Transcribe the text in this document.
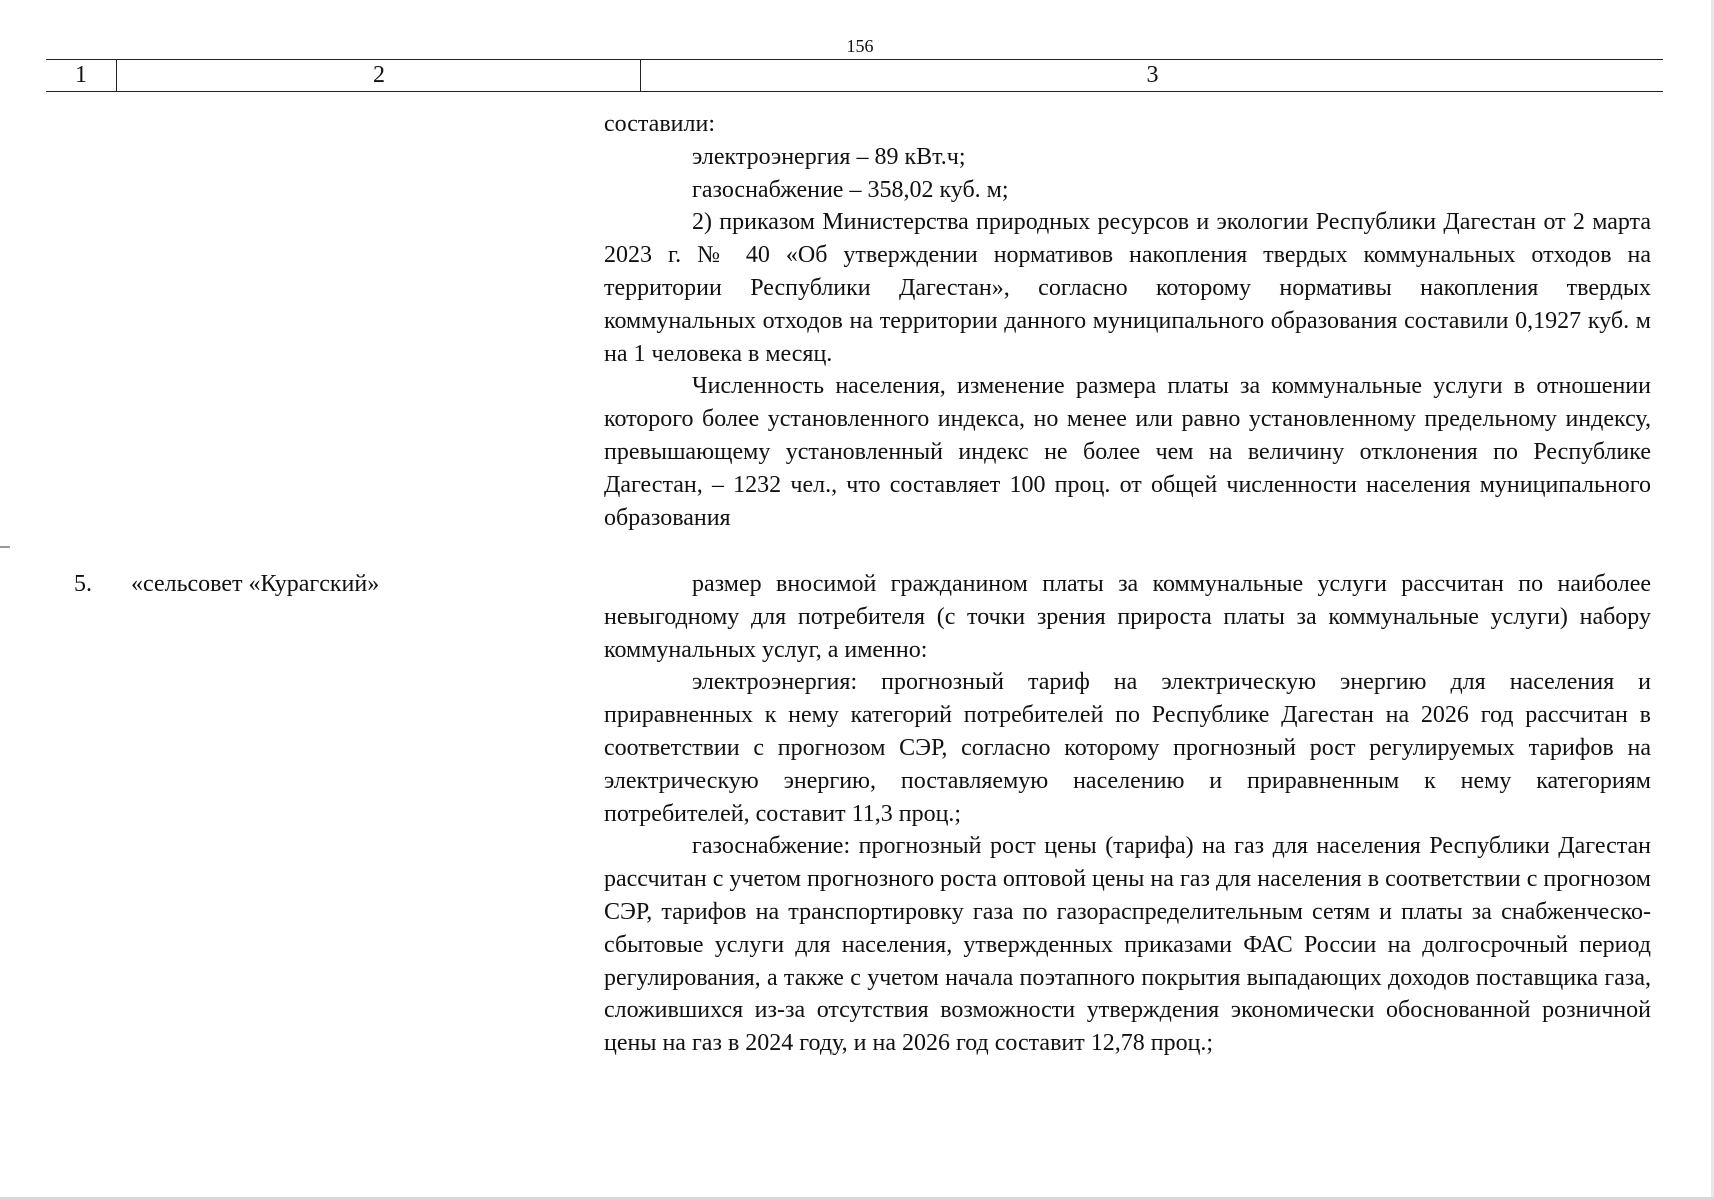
156
1	2	3

составили:

электроэнергия – 89 кВт.ч;

газоснабжение – 358,02 куб. м;

2) приказом Министерства природных ресурсов и экологии Республики Дагестан от 2 марта 2023 г. № 40 «Об утверждении нормативов накопления твердых коммунальных отходов на территории Республики Дагестан», согласно которому нормативы накопления твердых коммунальных отходов на территории данного муниципального образования составили 0,1927 куб. м на 1 человека в месяц.

Численность населения, изменение размера платы за коммунальные услуги в отношении которого более установленного индекса, но менее или равно установленному предельному индексу, превышающему установленный индекс не более чем на величину отклонения по Республике Дагестан, – 1232 чел., что составляет 100 проц. от общей численности населения муниципального образования

5. «сельсовет «Курагский»	размер вносимой гражданином платы за коммунальные услуги рассчитан по наиболее невыгодному для потребителя (с точки зрения прироста платы за коммунальные услуги) набору коммунальных услуг, а именно:

электроэнергия: прогнозный тариф на электрическую энергию для населения и приравненных к нему категорий потребителей по Республике Дагестан на 2026 год рассчитан в соответствии с прогнозом СЭР, согласно которому прогнозный рост регулируемых тарифов на электрическую энергию, поставляемую населению и приравненным к нему категориям потребителей, составит 11,3 проц.;

газоснабжение: прогнозный рост цены (тарифа) на газ для населения Республики Дагестан рассчитан с учетом прогнозного роста оптовой цены на газ для населения в соответствии с прогнозом СЭР, тарифов на транспортировку газа по газораспределительным сетям и платы за снабженческо-сбытовые услуги для населения, утвержденных приказами ФАС России на долгосрочный период регулирования, а также с учетом начала поэтапного покрытия выпадающих доходов поставщика газа, сложившихся из-за отсутствия возможности утверждения экономически обоснованной розничной цены на газ в 2024 году, и на 2026 год составит 12,78 проц.;
